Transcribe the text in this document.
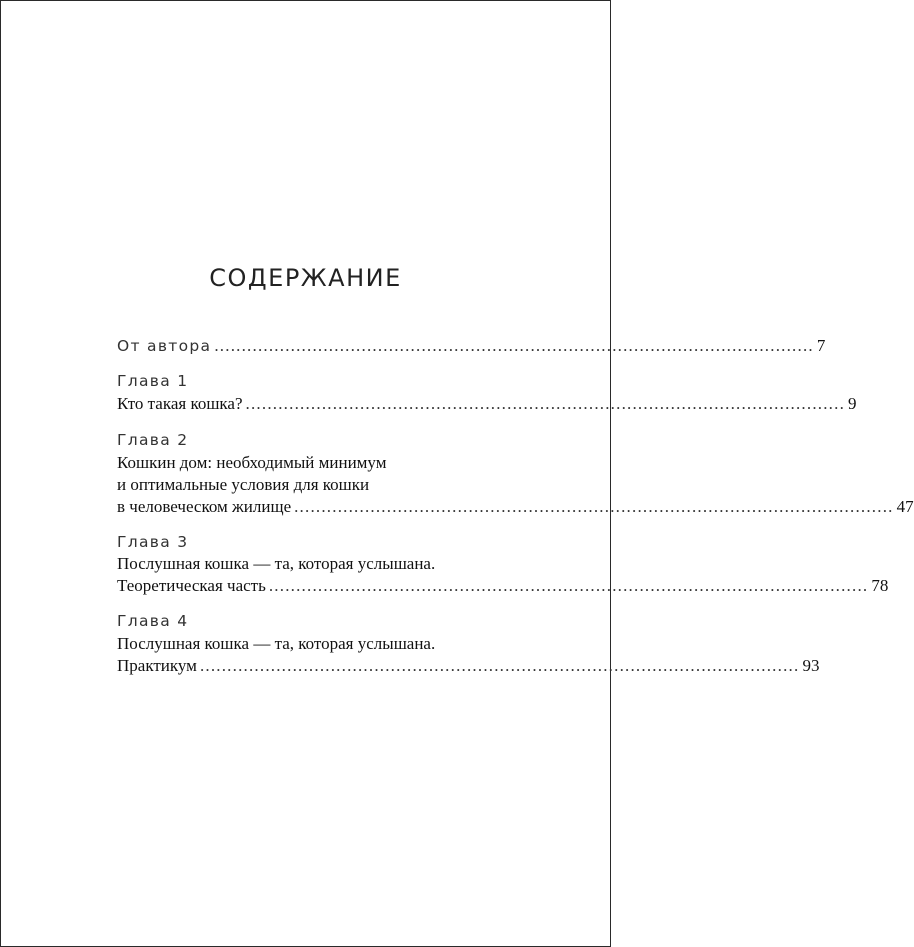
СОДЕРЖАНИЕ
От автора .............................................................................................................. 7
Глава 1
Кто такая кошка? .............................................................................................................. 9
Глава 2
Кошкин дом: необходимый минимум
и оптимальные условия для кошки
в человеческом жилище .............................................................................................................. 47
Глава 3
Послушная кошка — та, которая услышана.
Теоретическая часть .............................................................................................................. 78
Глава 4
Послушная кошка — та, которая услышана.
Практикум .............................................................................................................. 93
